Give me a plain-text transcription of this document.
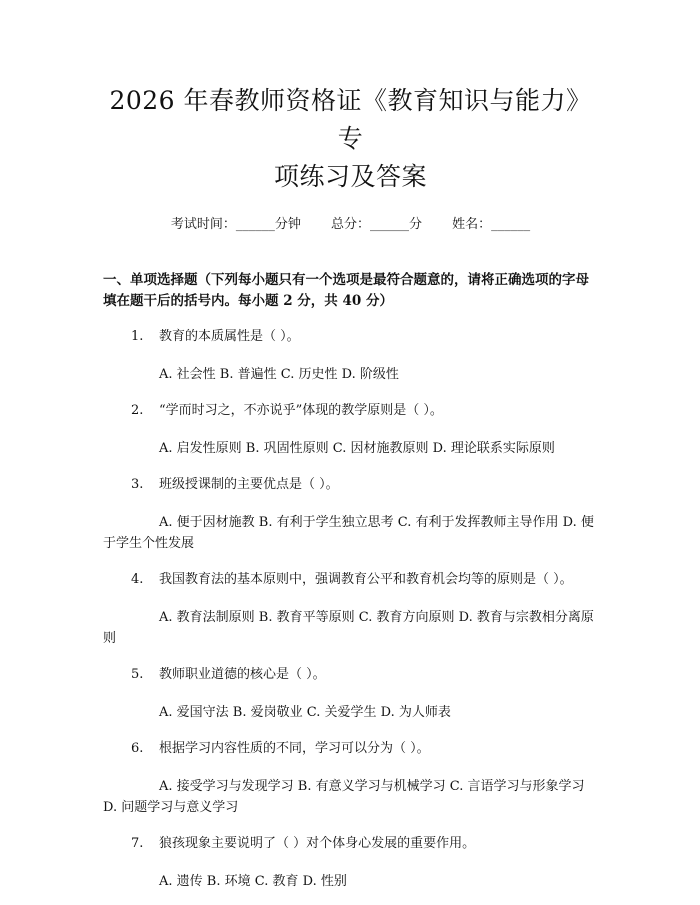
2026 年春教师资格证《教育知识与能力》专
项练习及答案
考试时间：______分钟 总分：______分 姓名：______
一、单项选择题（下列每小题只有一个选项是最符合题意的，请将正确选项的字母填在题干后的括号内。每小题 2 分，共 40 分）
1. 教育的本质属性是（ ）。
A. 社会性 B. 普遍性 C. 历史性 D. 阶级性
2. “学而时习之，不亦说乎”体现的教学原则是（ ）。
A. 启发性原则 B. 巩固性原则 C. 因材施教原则 D. 理论联系实际原则
3. 班级授课制的主要优点是（ ）。
A. 便于因材施教 B. 有利于学生独立思考 C. 有利于发挥教师主导作用 D. 便于学生个性发展
4. 我国教育法的基本原则中，强调教育公平和教育机会均等的原则是（ ）。
A. 教育法制原则 B. 教育平等原则 C. 教育方向原则 D. 教育与宗教相分离原则
5. 教师职业道德的核心是（ ）。
A. 爱国守法 B. 爱岗敬业 C. 关爱学生 D. 为人师表
6. 根据学习内容性质的不同，学习可以分为（ ）。
A. 接受学习与发现学习 B. 有意义学习与机械学习 C. 言语学习与形象学习 D. 问题学习与意义学习
7. 狼孩现象主要说明了（ ）对个体身心发展的重要作用。
A. 遗传 B. 环境 C. 教育 D. 性别
